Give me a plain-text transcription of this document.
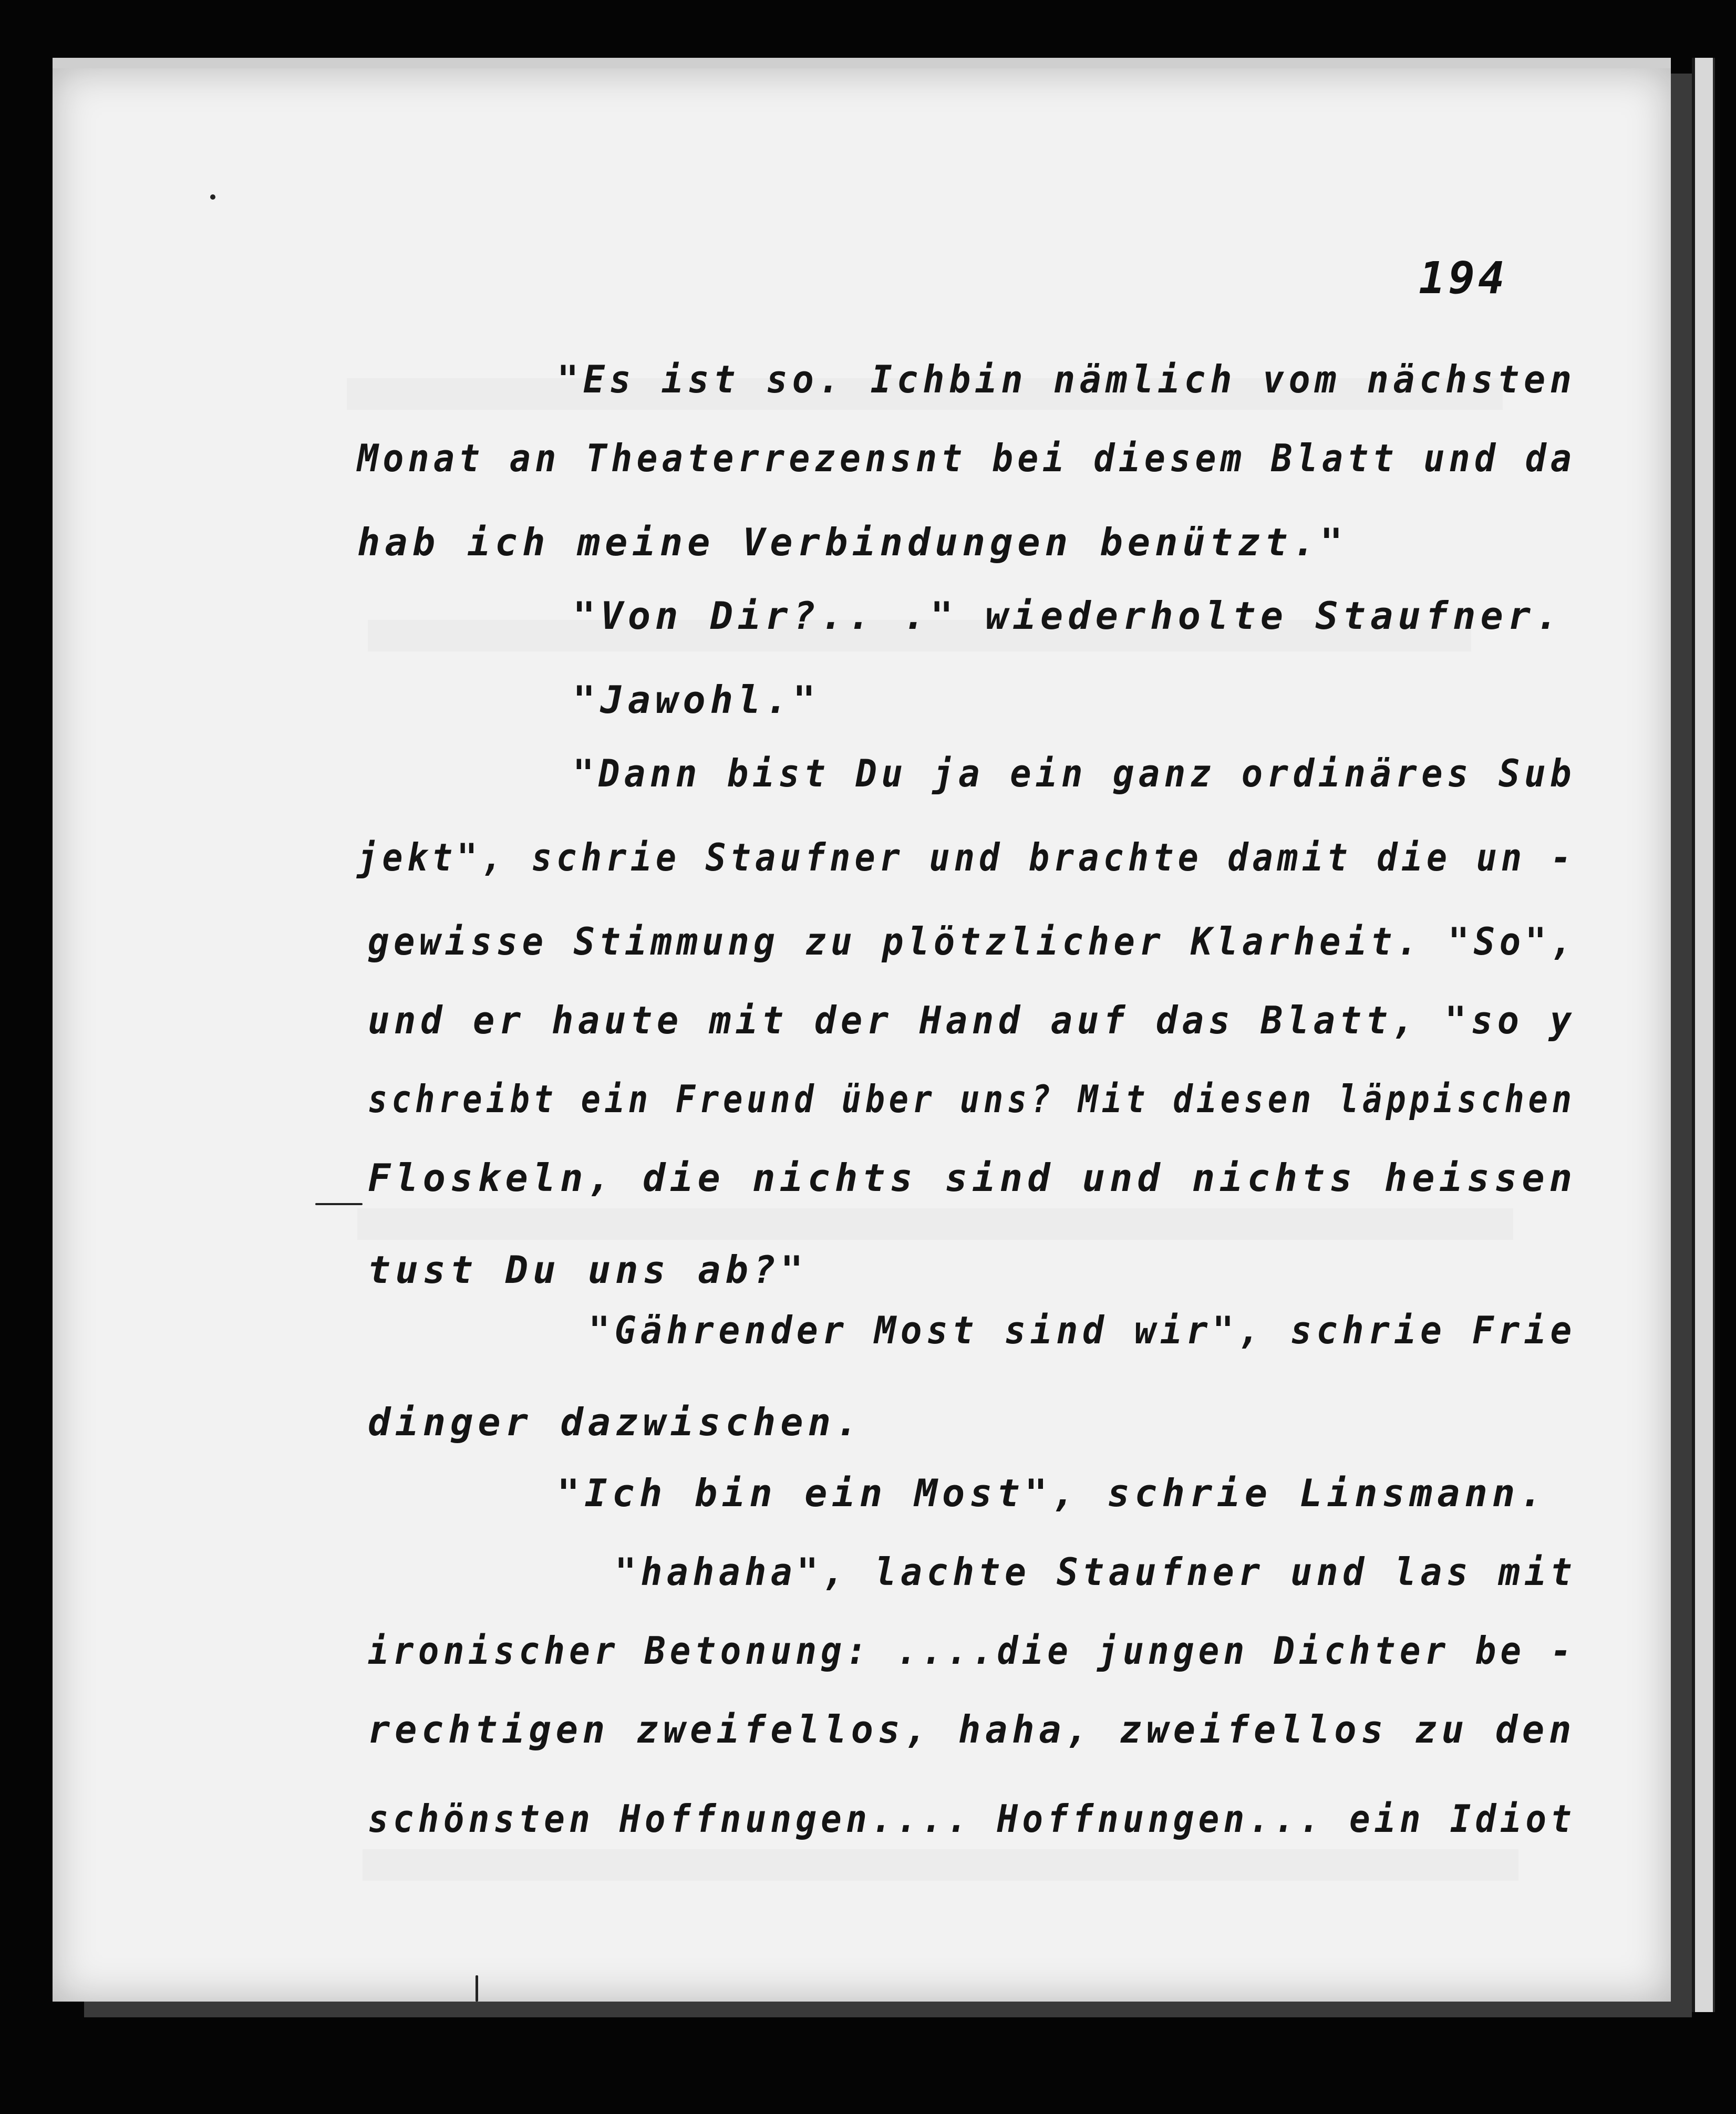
194
"Es ist so. Ichbin nämlich vom nächsten
Monat an Theaterrezensnt bei diesem Blatt und da
hab ich meine Verbindungen benützt."
"Von Dir?.. ." wiederholte Staufner.
"Jawohl."
"Dann bist Du ja ein ganz ordinäres Sub
jekt", schrie Staufner und brachte damit die un -
gewisse Stimmung zu plötzlicher Klarheit. "So",
und er haute mit der Hand auf das Blatt, "so y
schreibt ein Freund über uns? Mit diesen läppischen
Floskeln, die nichts sind und nichts heissen
tust Du uns ab?"
"Gährender Most sind wir", schrie Frie
dinger dazwischen.
"Ich bin ein Most", schrie Linsmann.
"hahaha", lachte Staufner und las mit
ironischer Betonung: ....die jungen Dichter be -
rechtigen zweifellos, haha, zweifellos zu den
schönsten Hoffnungen.... Hoffnungen... ein Idiot
